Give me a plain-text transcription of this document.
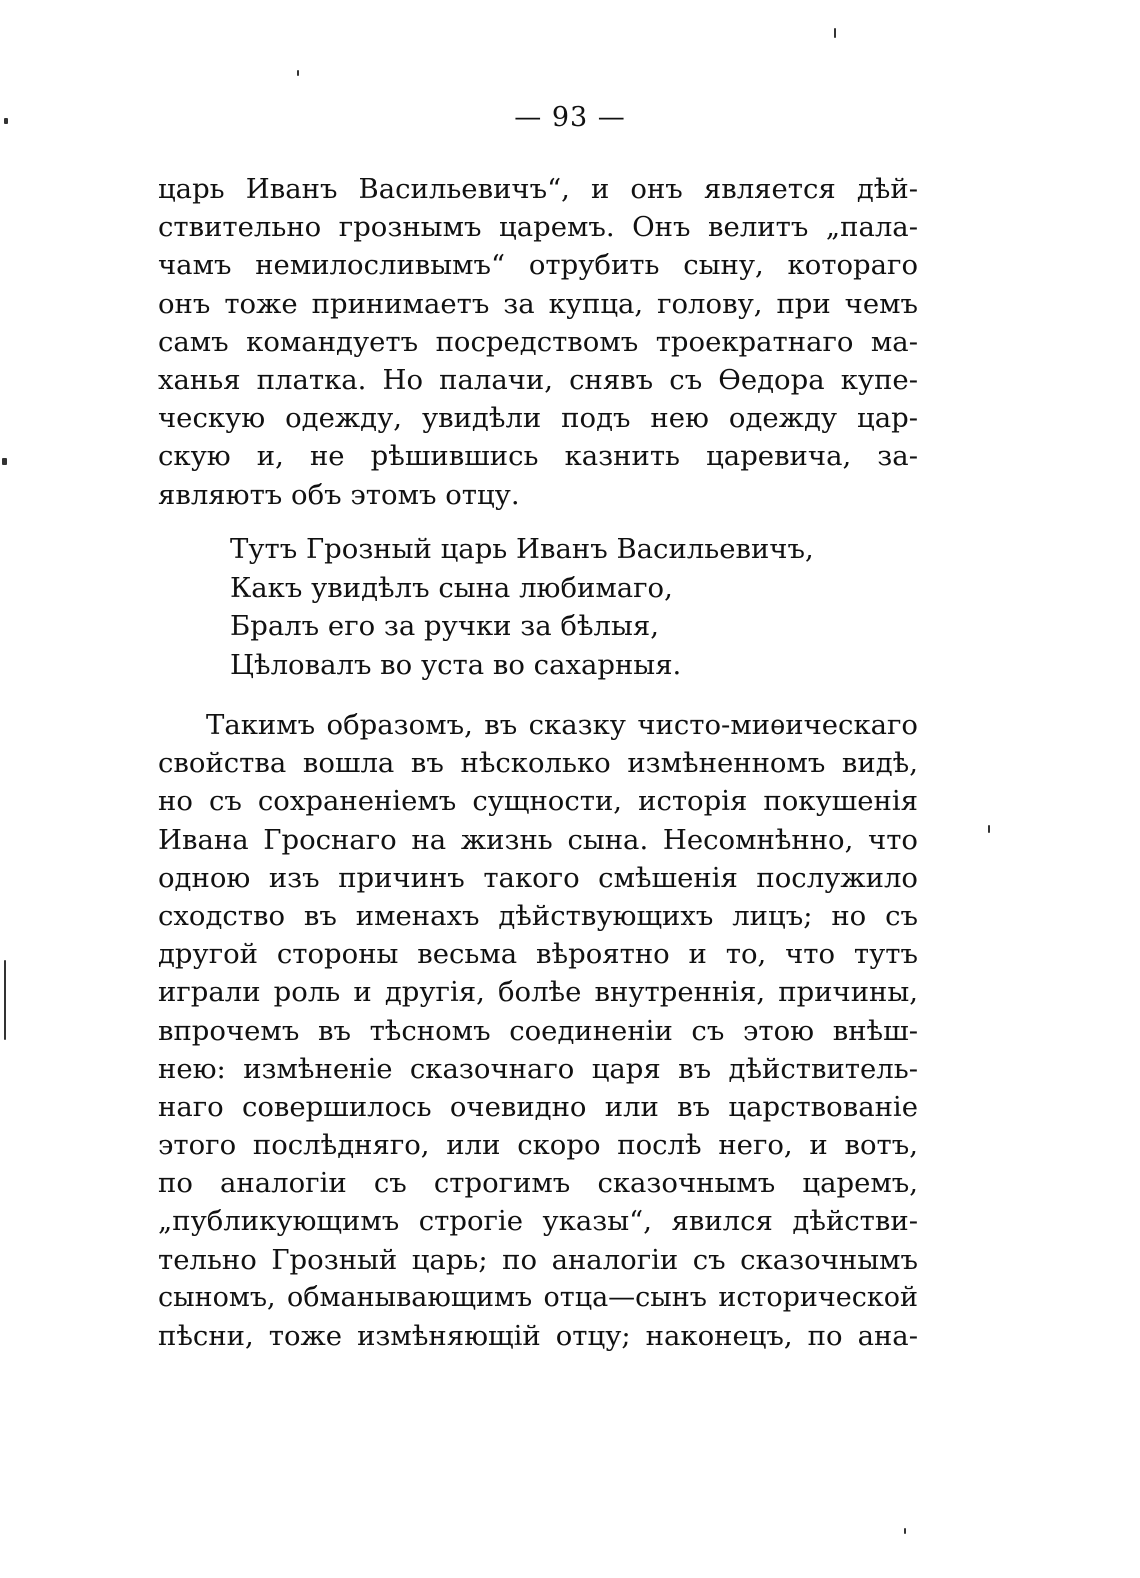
— 93 —
царь Иванъ Васильевичъ“, и онъ является дѣй-
ствительно грознымъ царемъ. Онъ велитъ „пала-
чамъ немилосливымъ“ отрубить сыну, котораго
онъ тоже принимаетъ за купца, голову, при чемъ
самъ командуетъ посредствомъ троекратнаго ма-
ханья платка. Но палачи, снявъ съ Ѳедора купе-
ческую одежду, увидѣли подъ нею одежду цар-
скую и, не рѣшившись казнить царевича, за-
являютъ объ этомъ отцу.
Тутъ Грозный царь Иванъ Васильевичъ,
Какъ увидѣлъ сына любимаго,
Бралъ его за ручки за бѣлыя,
Цѣловалъ во уста во сахарныя.
Такимъ образомъ, въ сказку чисто-миѳическаго
свойства вошла въ нѣсколько измѣненномъ видѣ,
но съ сохраненіемъ сущности, исторія покушенія
Ивана Гроснаго на жизнь сына. Несомнѣнно, что
одною изъ причинъ такого смѣшенія послужило
сходство въ именахъ дѣйствующихъ лицъ; но съ
другой стороны весьма вѣроятно и то, что тутъ
играли роль и другія, болѣе внутреннія, причины,
впрочемъ въ тѣсномъ соединеніи съ этою внѣш-
нею: измѣненіе сказочнаго царя въ дѣйствитель-
наго совершилось очевидно или въ царствованіе
этого послѣдняго, или скоро послѣ него, и вотъ,
по аналогіи съ строгимъ сказочнымъ царемъ,
„публикующимъ строгіе указы“, явился дѣйстви-
тельно Грозный царь; по аналогіи съ сказочнымъ
сыномъ, обманывающимъ отца—сынъ исторической
пѣсни, тоже измѣняющій отцу; наконецъ, по ана-
